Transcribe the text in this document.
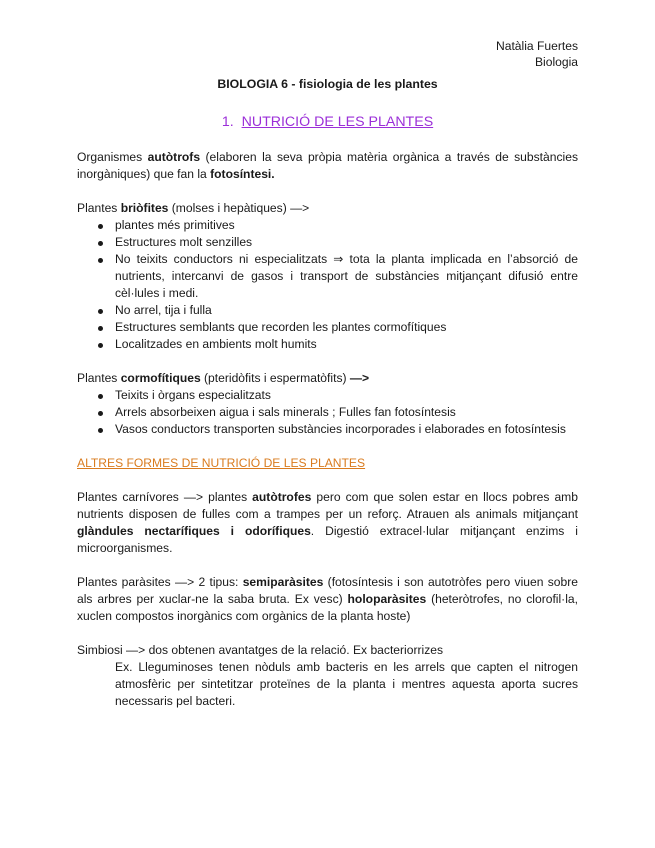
Natàlia Fuertes
Biologia
BIOLOGIA 6 - fisiologia de les plantes
1. NUTRICIÓ DE LES PLANTES

Organismes autòtrofs (elaboren la seva pròpia matèria orgànica a través de substàncies inorgàniques) que fan la fotosíntesi.

Plantes briòfites (molses i hepàtiques) —>

plantes més primitives
Estructures molt senzilles
No teixits conductors ni especialitzats ⇒ tota la planta implicada en l’absorció de nutrients, intercanvi de gasos i transport de substàncies mitjançant difusió entre cèl·lules i medi.
No arrel, tija i fulla
Estructures semblants que recorden les plantes cormofítiques
Localitzades en ambients molt humits

Plantes cormofítiques (pteridòfits i espermatòfits) —>

Teixits i òrgans especialitzats
Arrels absorbeixen aigua i sals minerals ; Fulles fan fotosíntesis
Vasos conductors transporten substàncies incorporades i elaborades en fotosíntesis

ALTRES FORMES DE NUTRICIÓ DE LES PLANTES

Plantes carnívores —> plantes autòtrofes pero com que solen estar en llocs pobres amb nutrients disposen de fulles com a trampes per un reforç. Atrauen als animals mitjançant glàndules nectarífiques i odorífiques. Digestió extracel·lular mitjançant enzims i microorganismes.

Plantes paràsites —> 2 tipus: semiparàsites (fotosíntesis i son autotròfes pero viuen sobre als arbres per xuclar-ne la saba bruta. Ex vesc) holoparàsites (heteròtrofes, no clorofil·la, xuclen compostos inorgànics com orgànics de la planta hoste)

Simbiosi —> dos obtenen avantatges de la relació. Ex bacteriorrizes

Ex. Lleguminoses tenen nòduls amb bacteris en les arrels que capten el nitrogen atmosfèric per sintetitzar proteïnes de la planta i mentres aquesta aporta sucres necessaris pel bacteri.
